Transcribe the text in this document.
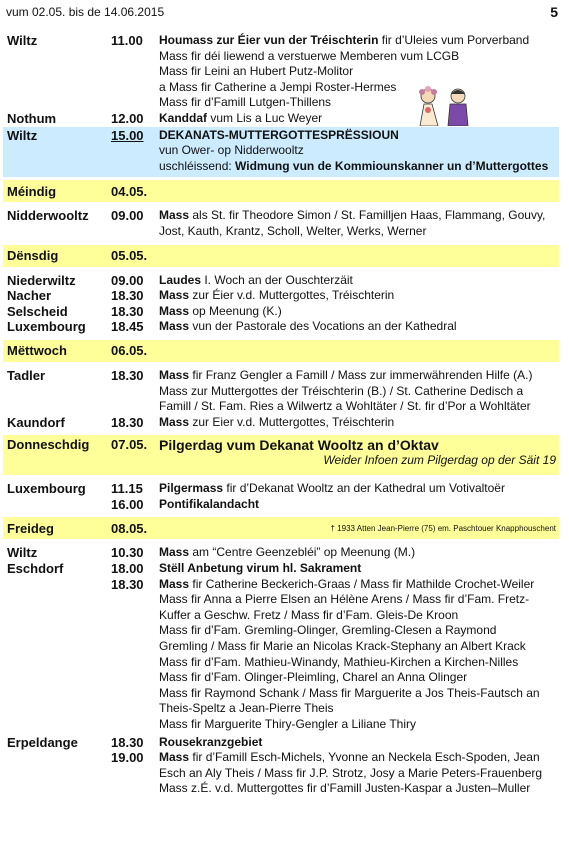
vum 02.05. bis de 14.06.2015	5
Wiltz	11.00	Houmass zur Éier vun der Tréischterin fir d’Uleies vum Porverband
Mass fir déi liewend a verstuerwe Memberen vum LCGB
Mass fir Leini an Hubert Putz-Molitor
a Mass fir Catherine a Jempi Roster-Hermes
Mass fir d’Famill Lutgen-Thillens
Nothum	12.00	Kanddaf vum Lis a Luc Weyer
Wiltz	15.00	DEKANATS-MUTTERGOTTESPRËSSIOUN
vun Ower- op Nidderwooltz
uschléissend: Widmung vun de Kommiounskanner un d’Muttergottes
Méindig	04.05.
Nidderwooltz	09.00	Mass als St. fir Theodore Simon / St. Familljen Haas, Flammang, Gouvy,
Jost, Kauth, Krantz, Scholl, Welter, Werks, Werner
Dënsdig	05.05.
Niederwiltz	09.00	Laudes I. Woch an der Ouschterzäit
Nacher	18.30	Mass zur Éier v.d. Muttergottes, Tréischterin
Selscheid	18.30	Mass op Meenung (K.)
Luxembourg	18.45	Mass vun der Pastorale des Vocations an der Kathedral
Mëttwoch	06.05.
Tadler	18.30	Mass fir Franz Gengler a Famill / Mass zur immerwährenden Hilfe (A.)
Mass zur Muttergottes der Tréischterin (B.) / St. Catherine Dedisch a
Famill / St. Fam. Ries a Wilwertz a Wohltäter / St. fir d’Por a Wohltäter
Kaundorf	18.30	Mass zur Eier v.d. Muttergottes, Tréischterin
Donneschdig	07.05. Pilgerdag vum Dekanat Wooltz an d’Oktav
Weider Infoen zum Pilgerdag op der Säit 19
Luxembourg	11.15	Pilgermass fir d’Dekanat Wooltz an der Kathedral um Votivaltoër
16.00	Pontifikalandacht
Freideg	08.05.	† 1933 Atten Jean-Pierre (75) em. Paschtouer Knapphouschent
Wiltz	10.30	Mass am “Centre Geenzebléi” op Meenung (M.)
Eschdorf	18.00	Stëll Anbetung virum hl. Sakrament
18.30	Mass fir Catherine Beckerich-Graas / Mass fir Mathilde Crochet-Weiler
Mass fir Anna a Pierre Elsen an Hélène Arens / Mass fir d’Fam. Fretz-
Kuffer a Geschw. Fretz / Mass fir d’Fam. Gleis-De Kroon
Mass fir d’Fam. Gremling-Olinger, Gremling-Clesen a Raymond
Gremling / Mass fir Marie an Nicolas Krack-Stephany an Albert Krack
Mass fir d’Fam. Mathieu-Winandy, Mathieu-Kirchen a Kirchen-Nilles
Mass fir d’Fam. Olinger-Pleimling, Charel an Anna Olinger
Mass fir Raymond Schank / Mass fir Marguerite a Jos Theis-Fautsch an
Theis-Speltz a Jean-Pierre Theis
Mass fir Marguerite Thiry-Gengler a Liliane Thiry
Erpeldange	18.30	Rousekranzgebiet
19.00	Mass fir d’Famill Esch-Michels, Yvonne an Neckela Esch-Spoden, Jean
Esch an Aly Theis / Mass fir J.P. Strotz, Josy a Marie Peters-Frauenberg
Mass z.É. v.d. Muttergottes fir d’Famill Justen-Kaspar a Justen–Muller
